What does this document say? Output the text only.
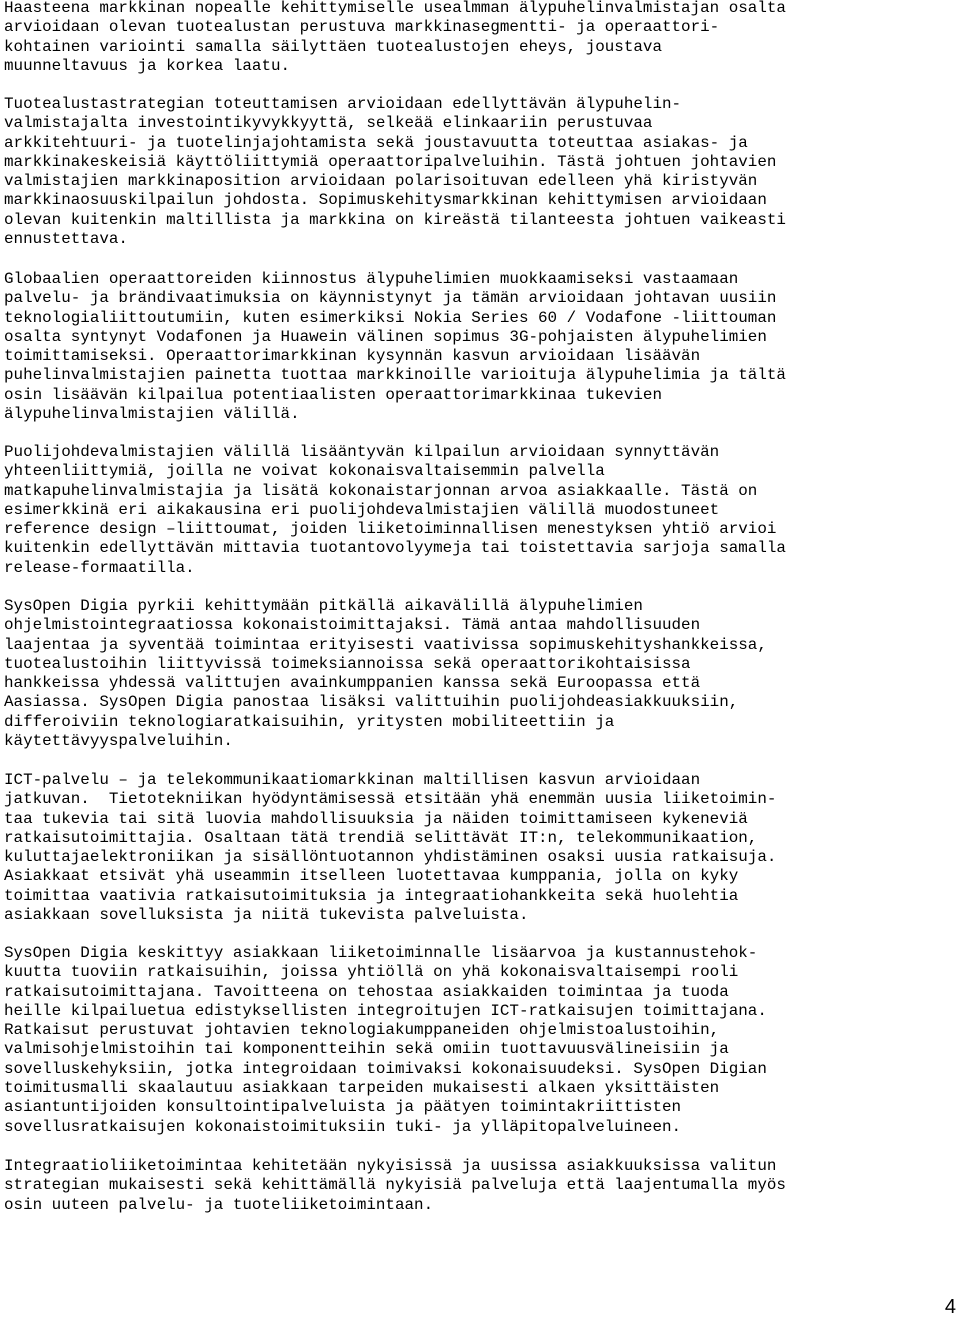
Haasteena markkinan nopealle kehittymiselle usealmman älypuhelinvalmistajan osalta
arvioidaan olevan tuotealustan perustuva markkinasegmentti- ja operaattori-
kohtainen variointi samalla säilyttäen tuotealustojen eheys, joustava
muunneltavuus ja korkea laatu.

Tuotealustastrategian toteuttamisen arvioidaan edellyttävän älypuhelin-
valmistajalta investointikyvykkyyttä, selkeää elinkaariin perustuvaa
arkkitehtuuri- ja tuotelinjajohtamista sekä joustavuutta toteuttaa asiakas- ja
markkinakeskeisiä käyttöliittymiä operaattoripalveluihin. Tästä johtuen johtavien
valmistajien markkinaposition arvioidaan polarisoituvan edelleen yhä kiristyvän
markkinaosuuskilpailun johdosta. Sopimuskehitysmarkkinan kehittymisen arvioidaan
olevan kuitenkin maltillista ja markkina on kireästä tilanteesta johtuen vaikeasti
ennustettava.

Globaalien operaattoreiden kiinnostus älypuhelimien muokkaamiseksi vastaamaan
palvelu- ja brändivaatimuksia on käynnistynyt ja tämän arvioidaan johtavan uusiin
teknologialiittoutumiin, kuten esimerkiksi Nokia Series 60 / Vodafone -liittouman
osalta syntynyt Vodafonen ja Huawein välinen sopimus 3G-pohjaisten älypuhelimien
toimittamiseksi. Operaattorimarkkinan kysynnän kasvun arvioidaan lisäävän
puhelinvalmistajien painetta tuottaa markkinoille varioituja älypuhelimia ja tältä
osin lisäävän kilpailua potentiaalisten operaattorimarkkinaa tukevien
älypuhelinvalmistajien välillä.

Puolijohdevalmistajien välillä lisääntyvän kilpailun arvioidaan synnyttävän
yhteenliittymiä, joilla ne voivat kokonaisvaltaisemmin palvella
matkapuhelinvalmistajia ja lisätä kokonaistarjonnan arvoa asiakkaalle. Tästä on
esimerkkinä eri aikakausina eri puolijohdevalmistajien välillä muodostuneet
reference design –liittoumat, joiden liiketoiminnallisen menestyksen yhtiö arvioi
kuitenkin edellyttävän mittavia tuotantovolyymeja tai toistettavia sarjoja samalla
release-formaatilla.

SysOpen Digia pyrkii kehittymään pitkällä aikavälillä älypuhelimien
ohjelmistointegraatiossa kokonaistoimittajaksi. Tämä antaa mahdollisuuden
laajentaa ja syventää toimintaa erityisesti vaativissa sopimuskehityshankkeissa,
tuotealustoihin liittyvissä toimeksiannoissa sekä operaattorikohtaisissa
hankkeissa yhdessä valittujen avainkumppanien kanssa sekä Euroopassa että
Aasiassa. SysOpen Digia panostaa lisäksi valittuihin puolijohdeasiakkuuksiin,
differoiviin teknologiaratkaisuihin, yritysten mobiliteettiin ja
käytettävyyspalveluihin.

ICT-palvelu – ja telekommunikaatiomarkkinan maltillisen kasvun arvioidaan
jatkuvan.  Tietotekniikan hyödyntämisessä etsitään yhä enemmän uusia liiketoimin-
taa tukevia tai sitä luovia mahdollisuuksia ja näiden toimittamiseen kykeneviä
ratkaisutoimittajia. Osaltaan tätä trendiä selittävät IT:n, telekommunikaation,
kuluttajaelektroniikan ja sisällöntuotannon yhdistäminen osaksi uusia ratkaisuja.
Asiakkaat etsivät yhä useammin itselleen luotettavaa kumppania, jolla on kyky
toimittaa vaativia ratkaisutoimituksia ja integraatiohankkeita sekä huolehtia
asiakkaan sovelluksista ja niitä tukevista palveluista.

SysOpen Digia keskittyy asiakkaan liiketoiminnalle lisäarvoa ja kustannustehok-
kuutta tuoviin ratkaisuihin, joissa yhtiöllä on yhä kokonaisvaltaisempi rooli
ratkaisutoimittajana. Tavoitteena on tehostaa asiakkaiden toimintaa ja tuoda
heille kilpailuetua edistyksellisten integroitujen ICT-ratkaisujen toimittajana.
Ratkaisut perustuvat johtavien teknologiakumppaneiden ohjelmistoalustoihin,
valmisohjelmistoihin tai komponentteihin sekä omiin tuottavuusvälineisiin ja
sovelluskehyksiin, jotka integroidaan toimivaksi kokonaisuudeksi. SysOpen Digian
toimitusmalli skaalautuu asiakkaan tarpeiden mukaisesti alkaen yksittäisten
asiantuntijoiden konsultointipalveluista ja päätyen toimintakriittisten
sovellusratkaisujen kokonaistoimituksiin tuki- ja ylläpitopalveluineen.

Integraatioliiketoimintaa kehitetään nykyisissä ja uusissa asiakkuuksissa valitun
strategian mukaisesti sekä kehittämällä nykyisiä palveluja että laajentumalla myös
osin uuteen palvelu- ja tuoteliiketoimintaan.

4
